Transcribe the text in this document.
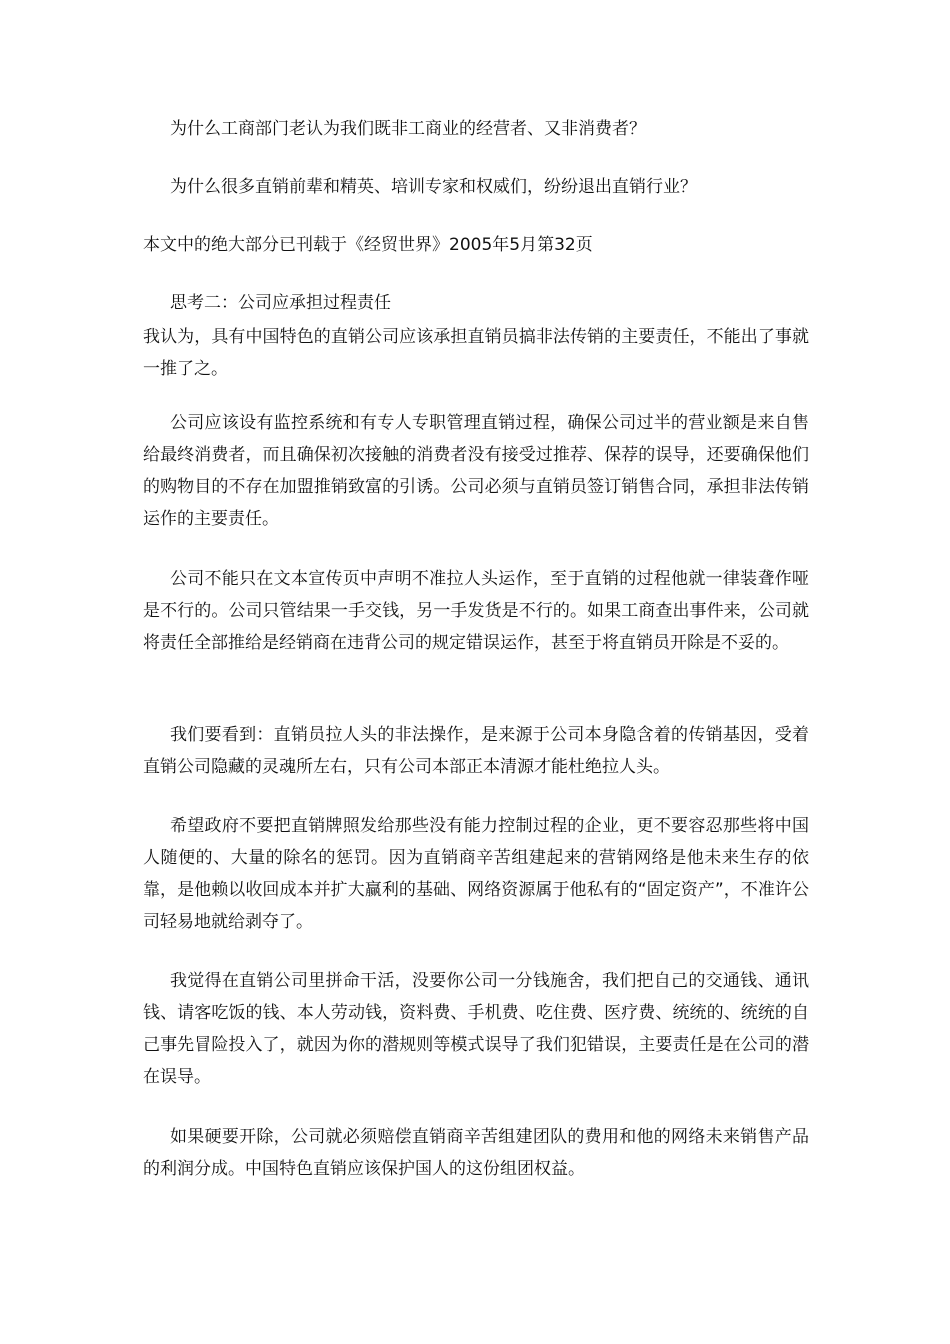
为什么工商部门老认为我们既非工商业的经营者、又非消费者？

为什么很多直销前辈和精英、培训专家和权威们，纷纷退出直销行业？

本文中的绝大部分已刊载于《经贸世界》2005年5月第32页

思考二：公司应承担过程责任

我认为，具有中国特色的直销公司应该承担直销员搞非法传销的主要责任，不能出了事就一推了之。

公司应该设有监控系统和有专人专职管理直销过程，确保公司过半的营业额是来自售给最终消费者，而且确保初次接触的消费者没有接受过推荐、保荐的误导，还要确保他们的购物目的不存在加盟推销致富的引诱。公司必须与直销员签订销售合同，承担非法传销运作的主要责任。

公司不能只在文本宣传页中声明不准拉人头运作，至于直销的过程他就一律装聋作哑是不行的。公司只管结果一手交钱，另一手发货是不行的。如果工商查出事件来，公司就将责任全部推给是经销商在违背公司的规定错误运作，甚至于将直销员开除是不妥的。

我们要看到：直销员拉人头的非法操作，是来源于公司本身隐含着的传销基因，受着直销公司隐藏的灵魂所左右，只有公司本部正本清源才能杜绝拉人头。

希望政府不要把直销牌照发给那些没有能力控制过程的企业，更不要容忍那些将中国人随便的、大量的除名的惩罚。因为直销商辛苦组建起来的营销网络是他未来生存的依靠，是他赖以收回成本并扩大赢利的基础、网络资源属于他私有的“固定资产”，不准许公司轻易地就给剥夺了。

我觉得在直销公司里拼命干活，没要你公司一分钱施舍，我们把自己的交通钱、通讯钱、请客吃饭的钱、本人劳动钱，资料费、手机费、吃住费、医疗费、统统的、统统的自己事先冒险投入了，就因为你的潜规则等模式误导了我们犯错误，主要责任是在公司的潜在误导。

如果硬要开除，公司就必须赔偿直销商辛苦组建团队的费用和他的网络未来销售产品的利润分成。中国特色直销应该保护国人的这份组团权益。
